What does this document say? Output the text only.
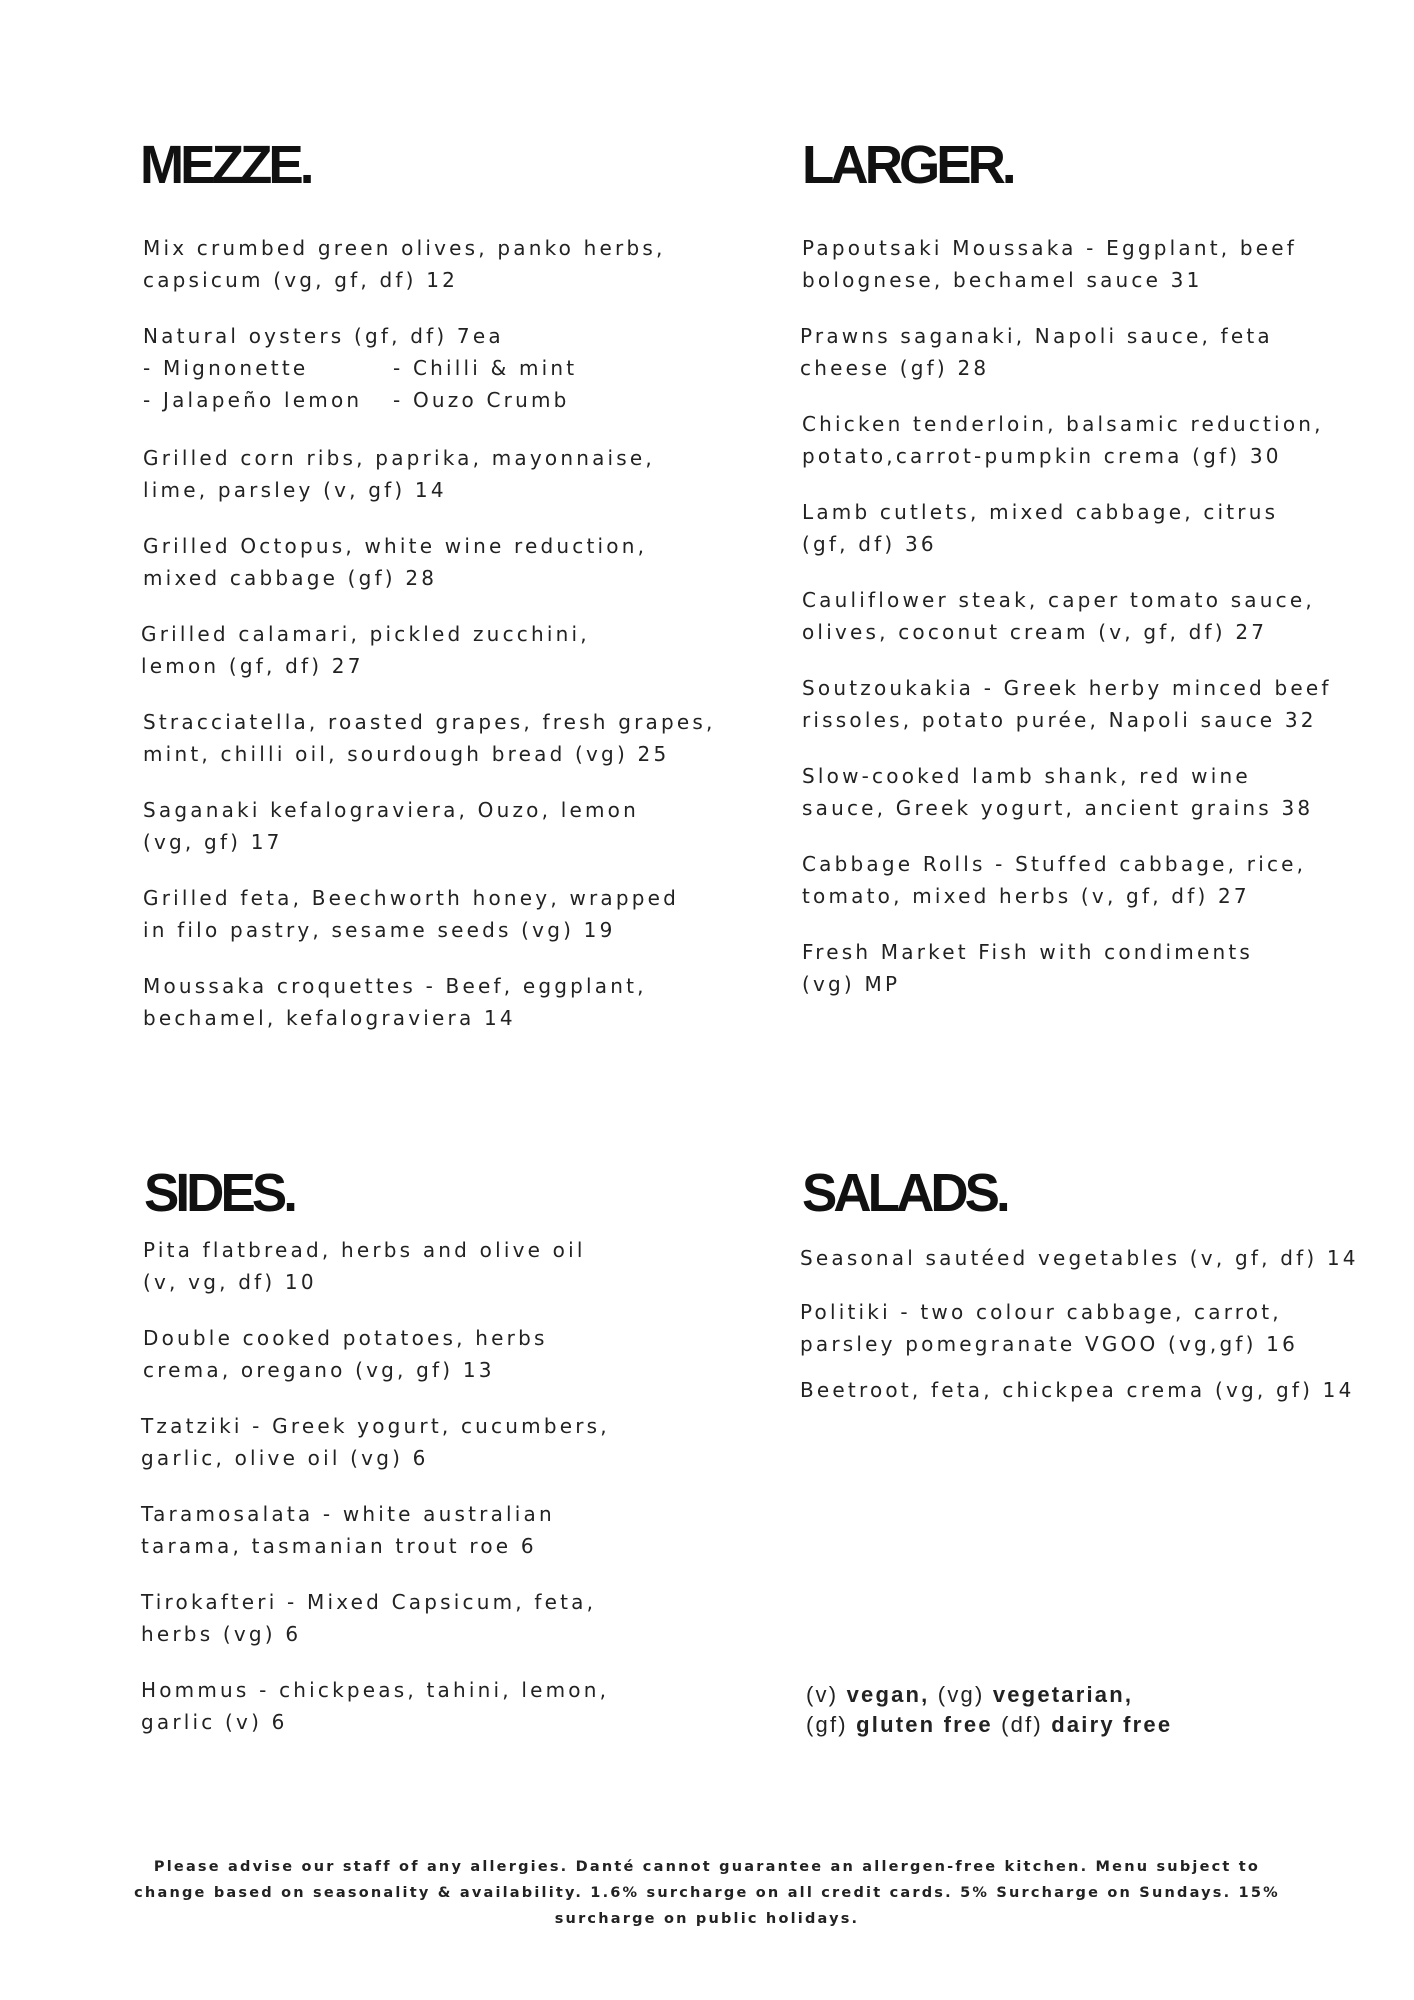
MEZZE.

Mix crumbed green olives, panko herbs,
capsicum (vg, gf, df) 12

Natural oysters (gf, df) 7ea

- Mignonette	- Chilli & mint
- Jalapeño lemon	- Ouzo Crumb

Grilled corn ribs, paprika, mayonnaise,
lime, parsley (v, gf) 14

Grilled Octopus, white wine reduction,
mixed cabbage (gf) 28

Grilled calamari, pickled zucchini,
lemon (gf, df) 27

Stracciatella, roasted grapes, fresh grapes,
mint, chilli oil, sourdough bread (vg) 25

Saganaki kefalograviera, Ouzo, lemon
(vg, gf) 17

Grilled feta, Beechworth honey, wrapped
in filo pastry, sesame seeds (vg) 19

Moussaka croquettes - Beef, eggplant,
bechamel, kefalograviera 14

LARGER.

Papoutsaki Moussaka - Eggplant, beef
bolognese, bechamel sauce 31

Prawns saganaki, Napoli sauce, feta
cheese (gf) 28

Chicken tenderloin, balsamic reduction,
potato,carrot-pumpkin crema (gf) 30

Lamb cutlets, mixed cabbage, citrus
(gf, df) 36

Cauliflower steak, caper tomato sauce,
olives, coconut cream (v, gf, df) 27

Soutzoukakia - Greek herby minced beef
rissoles, potato purée, Napoli sauce 32

Slow-cooked lamb shank, red wine
sauce, Greek yogurt, ancient grains 38

Cabbage Rolls - Stuffed cabbage, rice,
tomato, mixed herbs (v, gf, df) 27

Fresh Market Fish with condiments
(vg) MP

SIDES.

Pita flatbread, herbs and olive oil
(v, vg, df) 10

Double cooked potatoes, herbs
crema, oregano (vg, gf) 13

Tzatziki - Greek yogurt, cucumbers,
garlic, olive oil (vg) 6

Taramosalata - white australian
tarama, tasmanian trout roe 6

Tirokafteri - Mixed Capsicum, feta,
herbs (vg) 6

Hommus - chickpeas, tahini, lemon,
garlic (v) 6

SALADS.

Seasonal sautéed vegetables (v, gf, df) 14

Politiki - two colour cabbage, carrot,
parsley pomegranate VGOO (vg,gf) 16

Beetroot, feta, chickpea crema (vg, gf) 14

(v) vegan, (vg) vegetarian,
(gf) gluten free (df) dairy free
Please advise our staff of any allergies. Danté cannot guarantee an allergen-free kitchen. Menu subject to change based on seasonality & availability. 1.6% surcharge on all credit cards. 5% Surcharge on Sundays. 15% surcharge on public holidays.
